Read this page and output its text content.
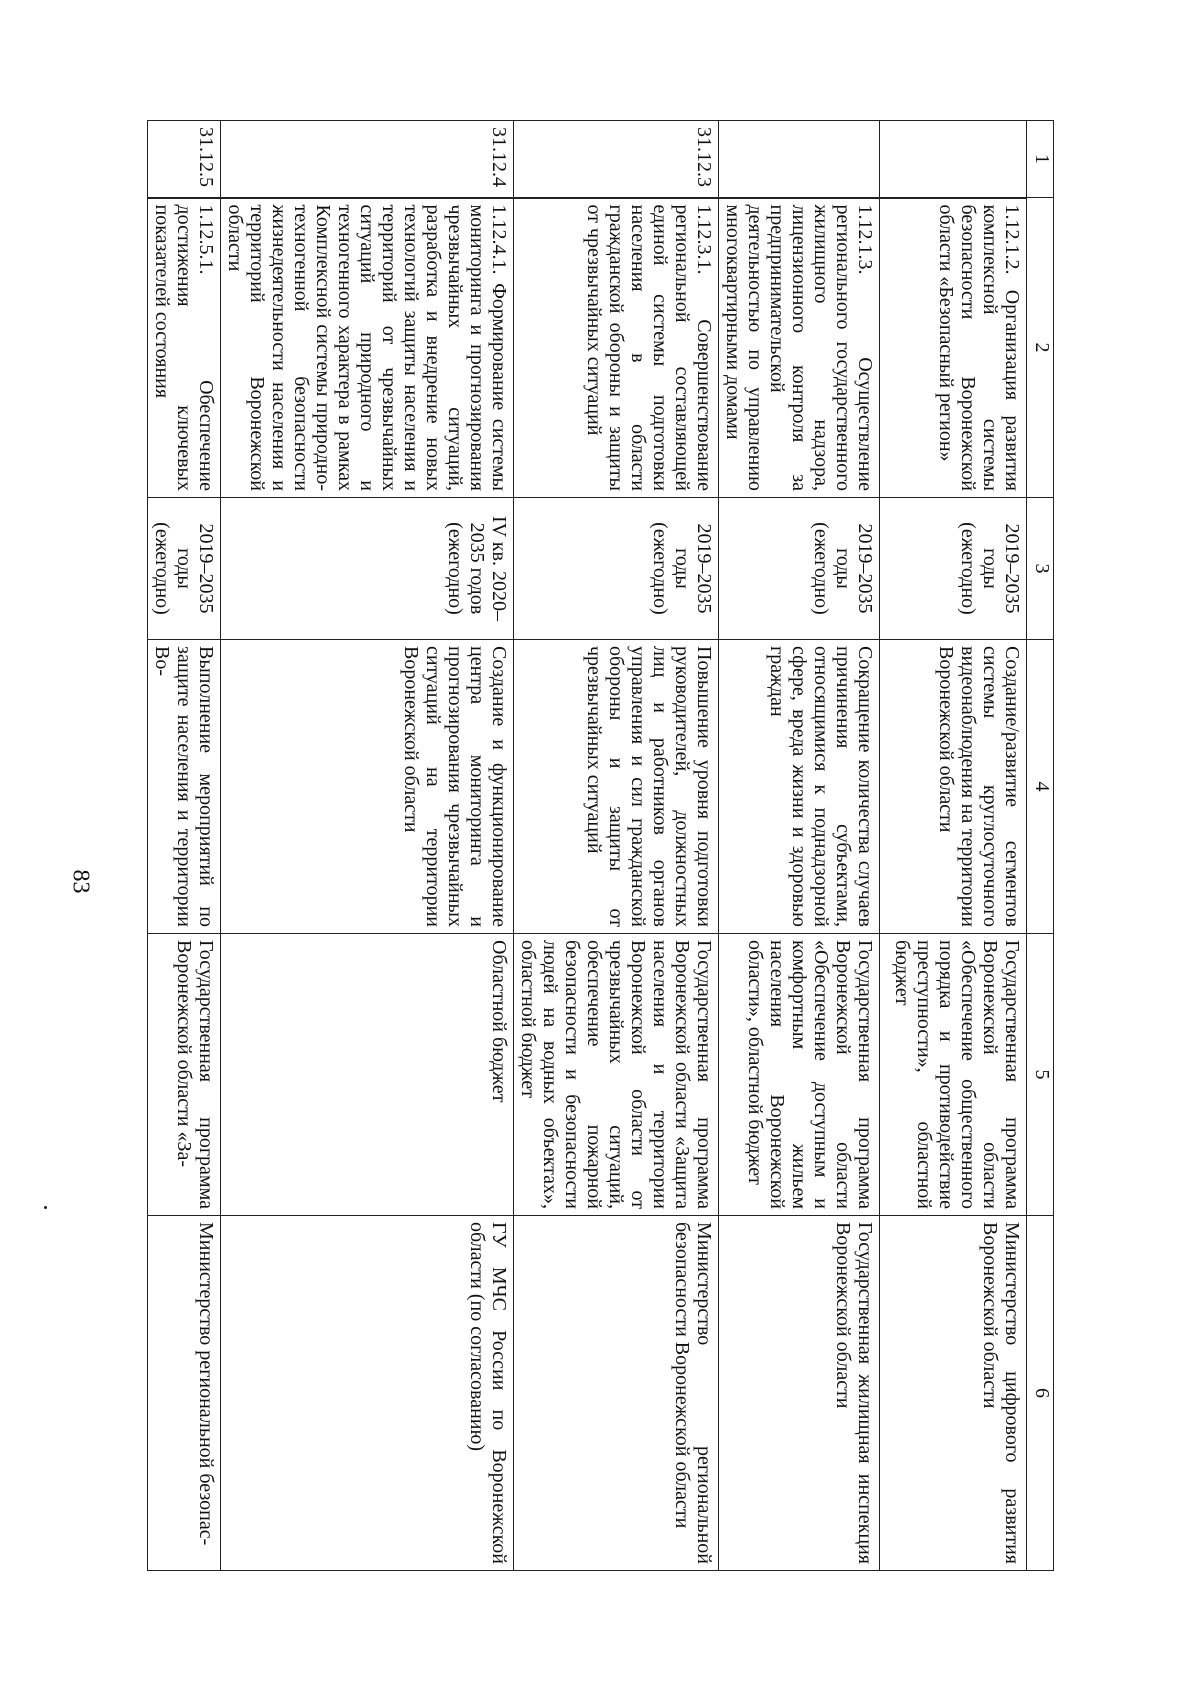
83
1	2	3	4	5	6
	1.12.1.2. Организация развития комплексной системы безопасности Воронежской области «Безопасный регион»	2019–2035 годы (ежегодно)	Создание/развитие сегментов системы круглосуточного видеонаблюдения на территории Воронежской области	Государственная программа Воронежской области «Обеспечение общественного порядка и противодействие преступности», областной бюджет	Министерство цифрового развития Воронежской области
	1.12.1.3. Осуществление регионального государственного жилищного надзора, лицензионного контроля за предпринимательской деятельностью по управлению многоквартирными домами	2019–2035 годы (ежегодно)	Сокращение количества случаев причинения субъектами, относящимися к поднадзорной сфере, вреда жизни и здоровью граждан	Государственная программа Воронежской области «Обеспечение доступным и комфортным жильем населения Воронежской области», областной бюджет	Государственная жилищная инспекция Воронежской области
31.12.3	1.12.3.1. Совершенствование региональной составляющей единой системы подготовки населения в области гражданской обороны и защиты от чрезвычайных ситуаций	2019–2035 годы (ежегодно)	Повышение уровня подготовки руководителей, должностных лиц и работников органов управления и сил гражданской обороны и защиты от чрезвычайных ситуаций	Государственная программа Воронежской области «Защита населения и территории Воронежской области от чрезвычайных ситуаций, обеспечение пожарной безопасности и безопасности людей на водных объектах», областной бюджет	Министерство региональной безопасности Воронежской области
31.12.4	1.12.4.1. Формирование системы мониторинга и прогнозирования чрезвычайных ситуаций, разработка и внедрение новых технологий защиты населения и территорий от чрезвычайных ситуаций природного и техногенного характера в рамках Комплексной системы природно-техногенной безопасности жизнедеятельности населения и территорий Воронежской области	IV кв. 2020–2035 годов (ежегодно)	Создание и функционирование центра мониторинга и прогнозирования чрезвычайных ситуаций на территории Воронежской области	Областной бюджет	ГУ МЧС России по Воронежской области (по согласованию)
31.12.5	1.12.5.1. Обеспечение достижения ключевых показателей состояния	2019–2035 годы (ежегодно)	Выполнение мероприятий по защите населения и территории Во-	Государственная программа Воронежской области «За-	Министерство региональной безопас-
